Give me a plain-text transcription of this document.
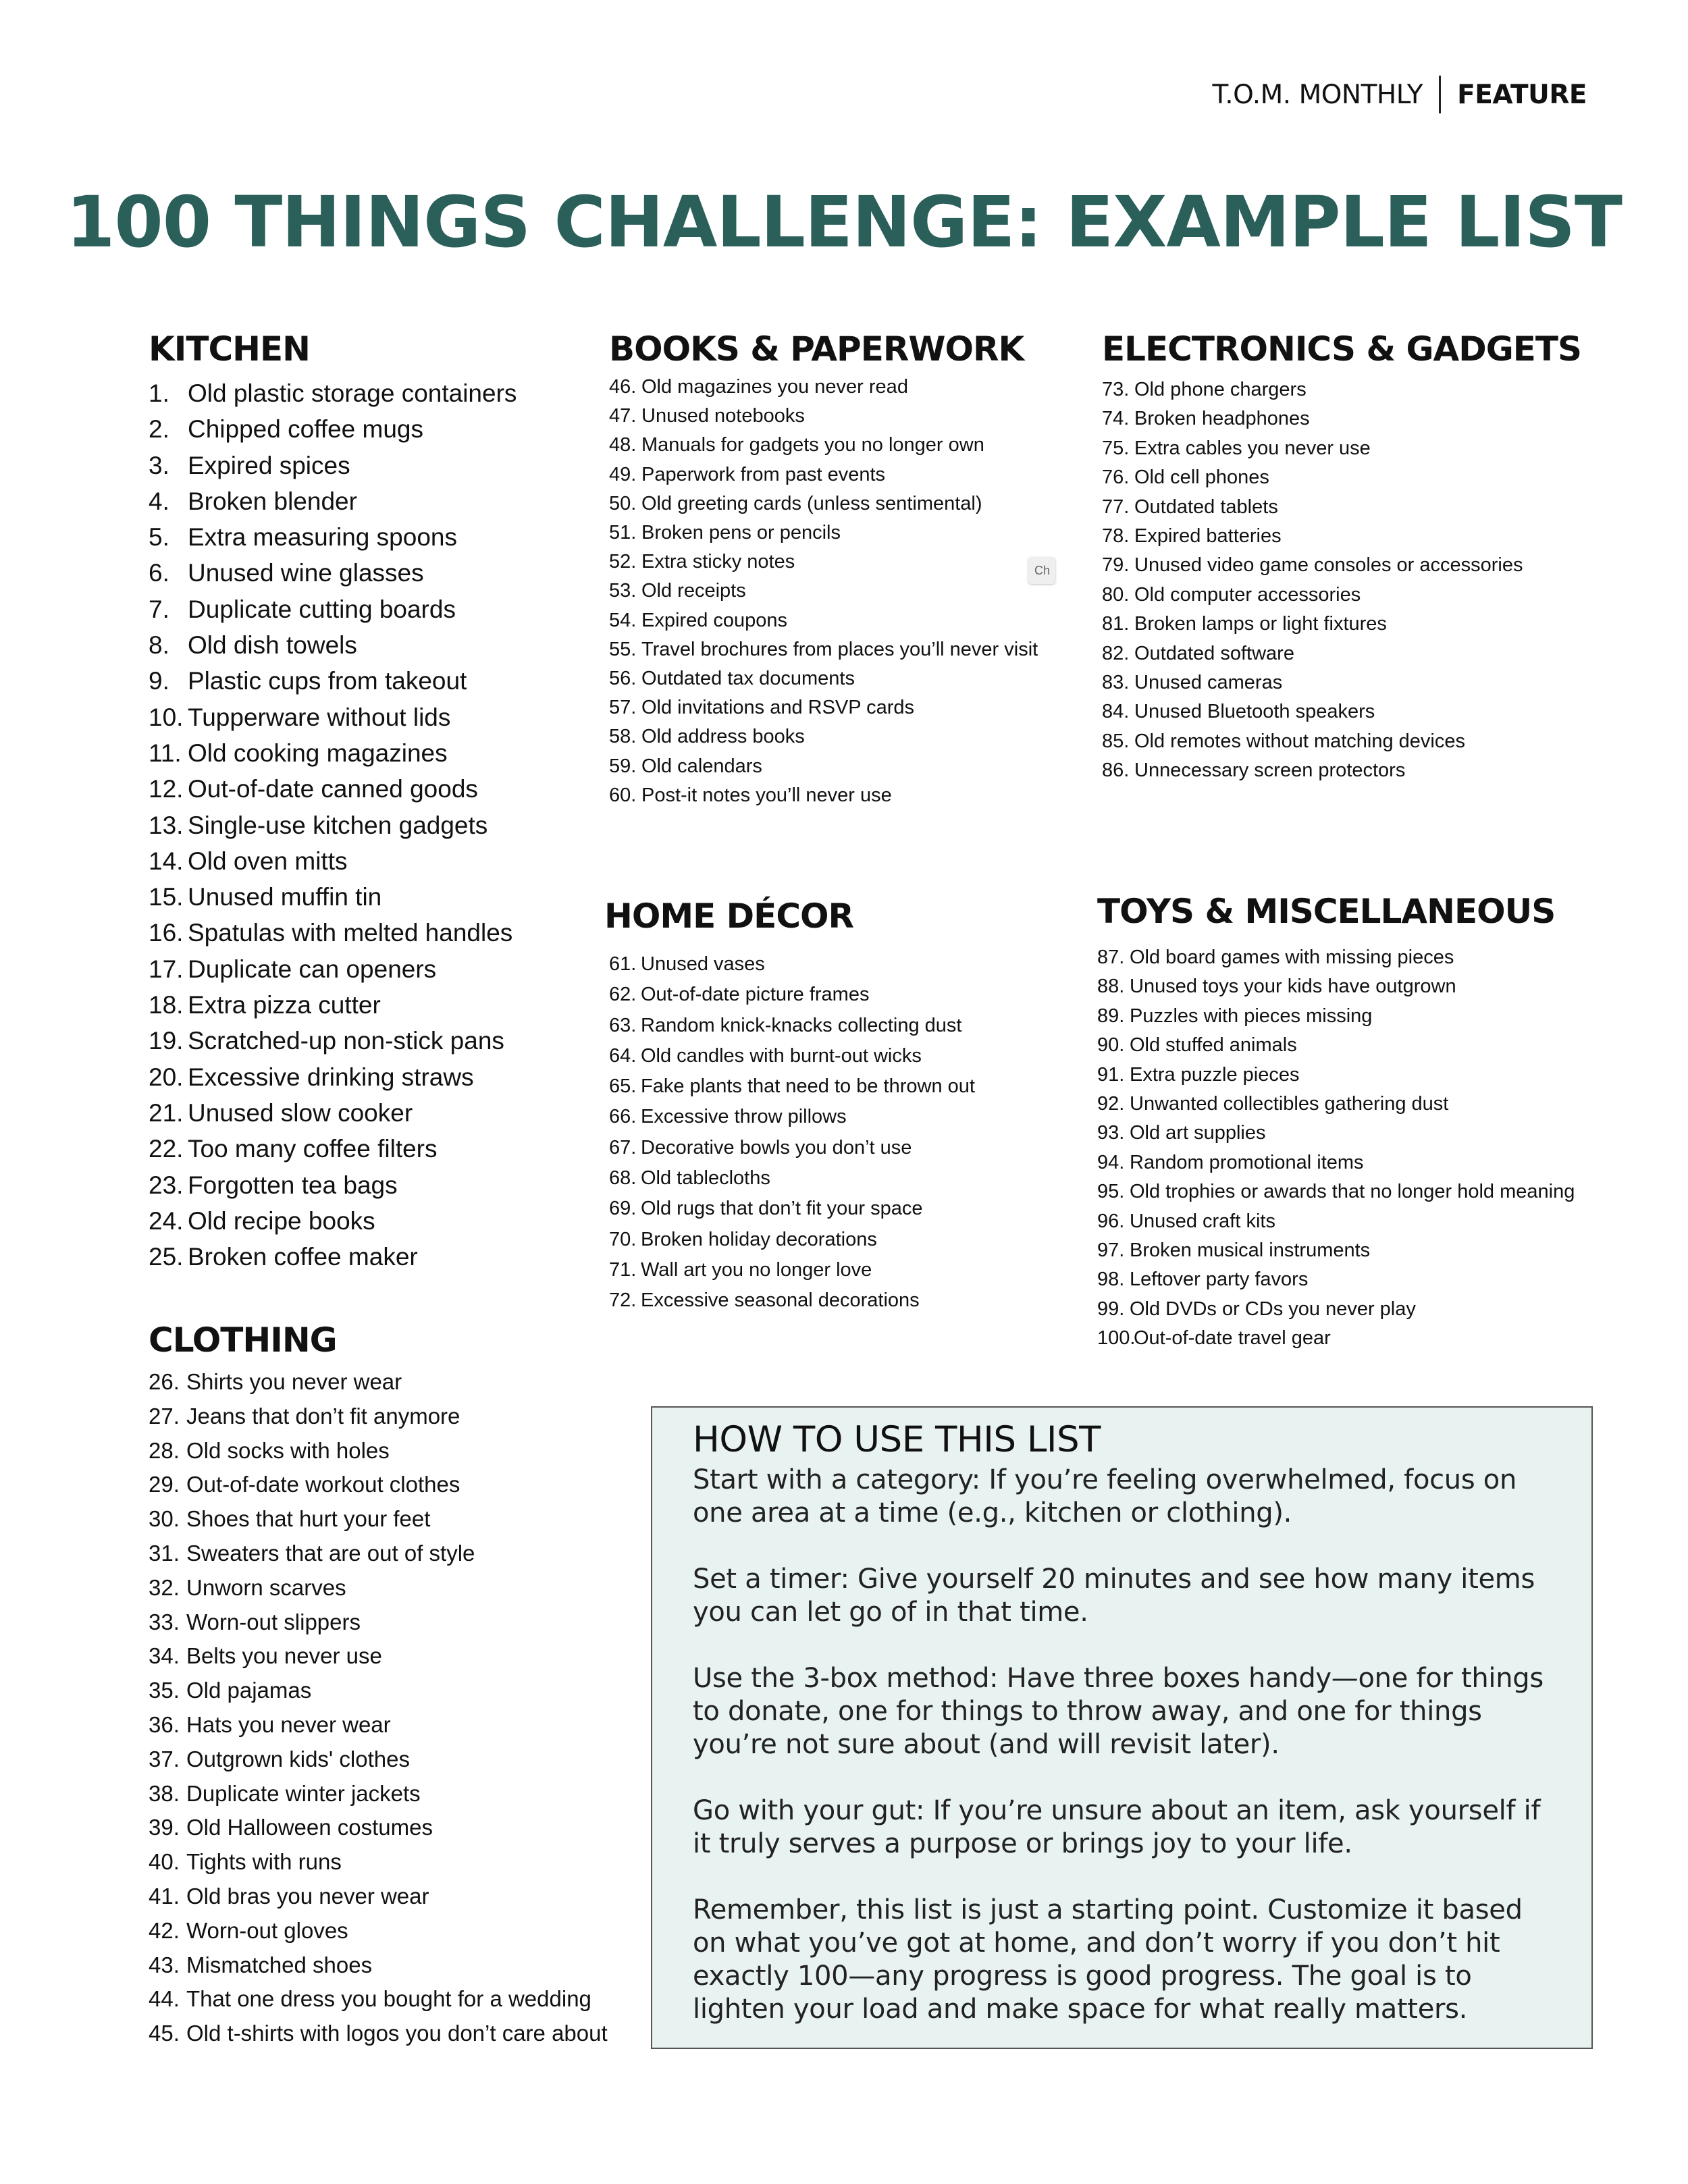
T.O.M. MONTHLY FEATURE
100 THINGS CHALLENGE: EXAMPLE LIST
Ch
KITCHEN
1. Old plastic storage containers
2. Chipped coffee mugs
3. Expired spices
4. Broken blender
5. Extra measuring spoons
6. Unused wine glasses
7. Duplicate cutting boards
8. Old dish towels
9. Plastic cups from takeout
10. Tupperware without lids
11. Old cooking magazines
12. Out-of-date canned goods
13. Single-use kitchen gadgets
14. Old oven mitts
15. Unused muffin tin
16. Spatulas with melted handles
17. Duplicate can openers
18. Extra pizza cutter
19. Scratched-up non-stick pans
20. Excessive drinking straws
21. Unused slow cooker
22. Too many coffee filters
23. Forgotten tea bags
24. Old recipe books
25. Broken coffee maker
CLOTHING
26. Shirts you never wear
27. Jeans that don’t fit anymore
28. Old socks with holes
29. Out-of-date workout clothes
30. Shoes that hurt your feet
31. Sweaters that are out of style
32. Unworn scarves
33. Worn-out slippers
34. Belts you never use
35. Old pajamas
36. Hats you never wear
37. Outgrown kids' clothes
38. Duplicate winter jackets
39. Old Halloween costumes
40. Tights with runs
41. Old bras you never wear
42. Worn-out gloves
43. Mismatched shoes
44. That one dress you bought for a wedding
45. Old t-shirts with logos you don’t care about
BOOKS & PAPERWORK
46. Old magazines you never read
47. Unused notebooks
48. Manuals for gadgets you no longer own
49. Paperwork from past events
50. Old greeting cards (unless sentimental)
51. Broken pens or pencils
52. Extra sticky notes
53. Old receipts
54. Expired coupons
55. Travel brochures from places you’ll never visit
56. Outdated tax documents
57. Old invitations and RSVP cards
58. Old address books
59. Old calendars
60. Post-it notes you’ll never use
ELECTRONICS & GADGETS
73. Old phone chargers
74. Broken headphones
75. Extra cables you never use
76. Old cell phones
77. Outdated tablets
78. Expired batteries
79. Unused video game consoles or accessories
80. Old computer accessories
81. Broken lamps or light fixtures
82. Outdated software
83. Unused cameras
84. Unused Bluetooth speakers
85. Old remotes without matching devices
86. Unnecessary screen protectors
HOME DÉCOR
61. Unused vases
62. Out-of-date picture frames
63. Random knick-knacks collecting dust
64. Old candles with burnt-out wicks
65. Fake plants that need to be thrown out
66. Excessive throw pillows
67. Decorative bowls you don’t use
68. Old tablecloths
69. Old rugs that don’t fit your space
70. Broken holiday decorations
71. Wall art you no longer love
72. Excessive seasonal decorations
TOYS & MISCELLANEOUS
87. Old board games with missing pieces
88. Unused toys your kids have outgrown
89. Puzzles with pieces missing
90. Old stuffed animals
91. Extra puzzle pieces
92. Unwanted collectibles gathering dust
93. Old art supplies
94. Random promotional items
95. Old trophies or awards that no longer hold meaning
96. Unused craft kits
97. Broken musical instruments
98. Leftover party favors
99. Old DVDs or CDs you never play
100.
Out-of-date travel gear
HOW TO USE THIS LIST

Start with a category: If you’re feeling overwhelmed, focus on one area at a time (e.g., kitchen or clothing).

Set a timer: Give yourself 20 minutes and see how many items you can let go of in that time.

Use the 3-box method: Have three boxes handy—one for things to donate, one for things to throw away, and one for things you’re not sure about (and will revisit later).

Go with your gut: If you’re unsure about an item, ask yourself if it truly serves a purpose or brings joy to your life.

Remember, this list is just a starting point. Customize it based on what you’ve got at home, and don’t worry if you don’t hit exactly 100—any progress is good progress. The goal is to lighten your load and make space for what really matters.
